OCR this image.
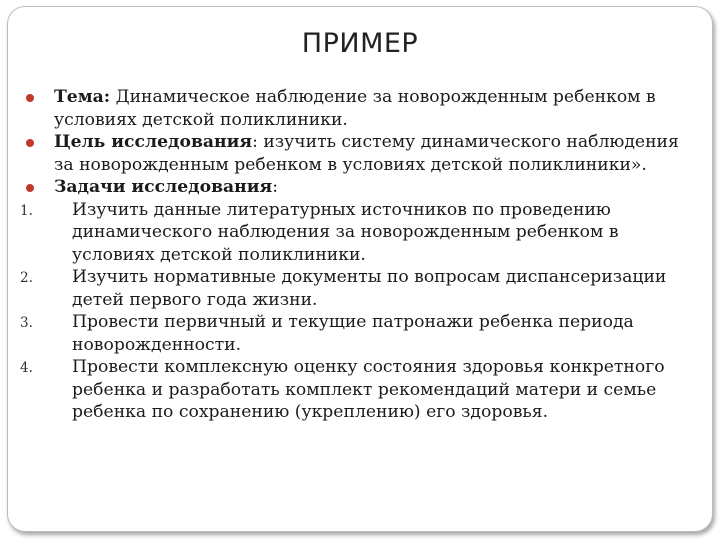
ПРИМЕР
Тема: Динамическое наблюдение за новорожденным ребенком в условиях детской поликлиники.
Цель исследования: изучить систему динамического наблюдения за новорожденным ребенком в условиях детской поликлиники».
Задачи исследования:
1. Изучить данные литературных источников по проведению динамического наблюдения за новорожденным ребенком в условиях детской поликлиники.
2. Изучить нормативные документы по вопросам диспансеризации детей первого года жизни.
3. Провести первичный и текущие патронажи ребенка периода новорожденности.
4. Провести комплексную оценку состояния здоровья конкретного ребенка и разработать комплект рекомендаций матери и семье ребенка по сохранению (укреплению) его здоровья.
